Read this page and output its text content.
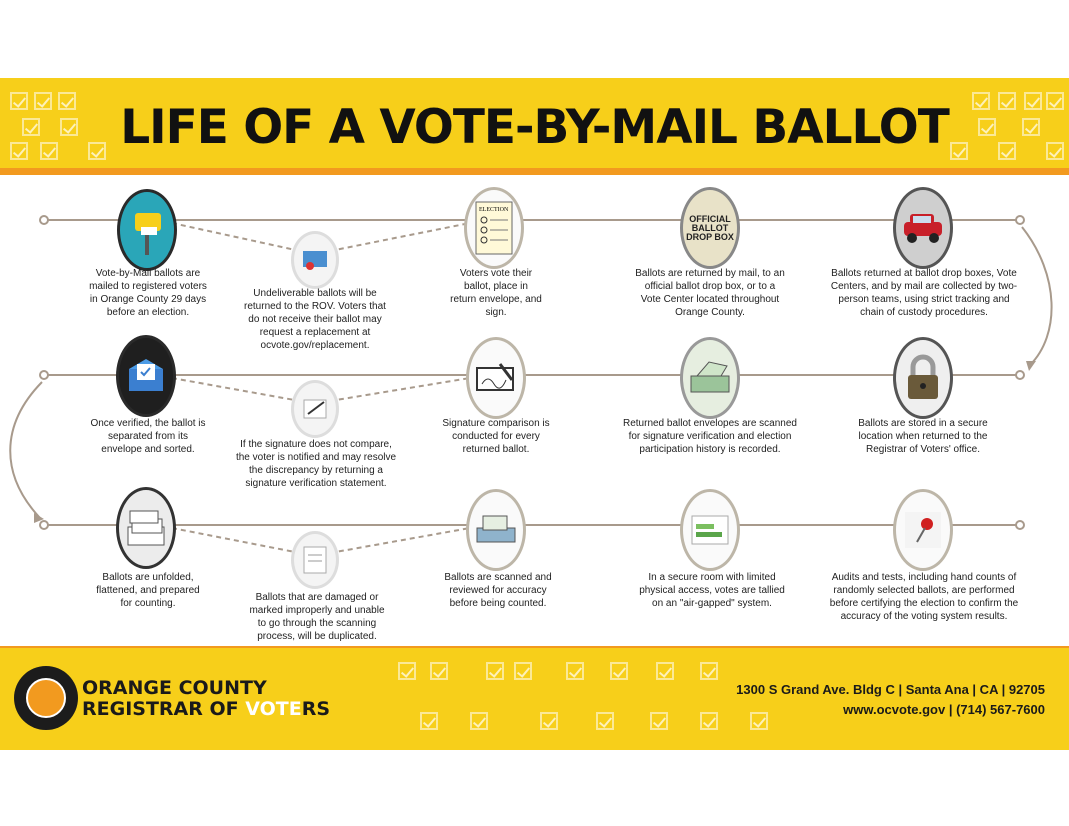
LIFE OF A VOTE-BY-MAIL BALLOT
ELECTION
OFFICIAL BALLOT DROP BOX
Vote-by-Mail ballots are mailed to registered voters in Orange County 29 days before an election.
Undeliverable ballots will be returned to the ROV. Voters that do not receive their ballot may request a replacement at ocvote.gov/replacement.
Voters vote their ballot, place in return envelope, and sign.
Ballots are returned by mail, to an official ballot drop box, or to a Vote Center located throughout Orange County.
Ballots returned at ballot drop boxes, Vote Centers, and by mail are collected by two-person teams, using strict tracking and chain of custody procedures.
Once verified, the ballot is separated from its envelope and sorted.	If the signature does not compare, the voter is notified and may resolve the discrepancy by returning a signature verification statement.
Signature comparison is conducted for every returned ballot.
Returned ballot envelopes are scanned for signature verification and election participation history is recorded.
Ballots are stored in a secure location when returned to the Registrar of Voters' office.
Ballots are unfolded, flattened, and prepared for counting.
Ballots that are damaged or marked improperly and unable to go through the scanning process, will be duplicated.
Ballots are scanned and reviewed for accuracy before being counted.
In a secure room with limited physical access, votes are tallied on an "air-gapped" system.
Audits and tests, including hand counts of randomly selected ballots, are performed before certifying the election to confirm the accuracy of the voting system results.
ORANGE COUNTY
REGISTRAR OF VOTERS
1300 S Grand Ave. Bldg C | Santa Ana | CA | 92705
www.ocvote.gov | (714) 567-7600
